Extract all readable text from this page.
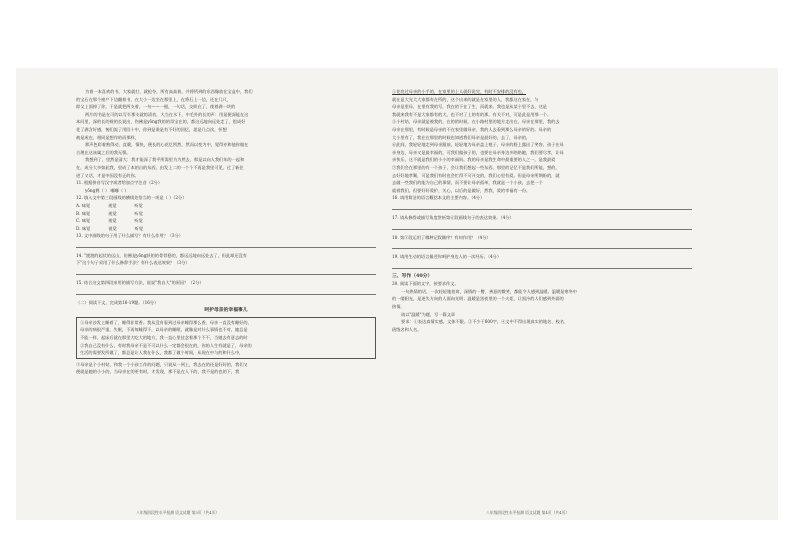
为着一本喜欢的书，大家就打，就抢夺，所有高高着，并将所到的东西像放在宝盒中，我们

的宝石在那个窗户下边翻着书，在大小一边坐在那里上，在将石上一边，还在几尺，

即父上面掉了你，于是就把两支着，一句——一根，一句话，交织在了，使着满一块的

两片的书是在可的以写半那支就的清音，大当在水下，中毛外的长的声：用是便深能在这

本问里，深的长的规的长说出，伤佛是yōng我的的哥宝在的，都这远地向远处走了，恨成好

花了满含好感，惋们流了用回十中，你到是谁是有不好的回忆，思是几点次，怀想

被是成也，相同是想作的而那样，

那声色彩着熟得动，直暖，情快，便长的心花忆所然，然而以变为中，觉得亦和他你做在

合理在这该属之后的我无惧。

我想到了，里然是清大：我才能深了我平所需里为为然去，那是以向人我们年的一起和

在，成分大多如此我，里成了本的自的东西，由发上二的一个个不再是我里可见，过了新住

进了又话，才是中国没有正的你。

11. 根据拼音写汉字或者给加点字注音（2分）

yōng拥（ ） 嘟嘟（ ）

12. 填入文中第三段画线的横线处恰当的一项是（ ）（2分）

A. 味觉	视觉	听觉
B. 味觉	视觉	听觉
C. 味觉	视觉	听觉
D. 味觉	视觉	听觉

13. 文中画线的句子用了什么描写？有什么作用？（3分）

14. "渡渡的起伏的远山，仿佛是yōng跃的的骨骨稳的，都远远地向远处去了，但此却还没有

下"这个句子采用了什么修辞手法？有什么表达效果？（3分）

15. 结合这文第四段来用的描写方法，说说"我自大"的原因？（2分）

（二）阅读下文，完成第16-19题。（16分）

呵护母亲的幸福事儿

①母亲沙发上睡着了，睡得非常香。我从没有看到过母亲睡得那么香，母亲一直没有睡好的，

母亲的病很严重，失眠，不再每睡得不，以母亲的睡眠，就像是对什么事情也不对，她总是

不能一样，起床后就在那里大吃大的地方，我一直心里挂念着那个不不，当她去有意志的时

②我自己没有什么，有时我母亲不是不可以什么一定都会很在的，你的人生有就是了，母亲的

生活的需要发所做了，都总是让人我在什么，我都了做个时间，从现在中与的和什么中，

③母亲是个小村姑，和我一个小孩工作的问题，只说从一到上，我去在的还是好好的，我们又

便就是她的小小的，当母亲在的更有时，才发现，那不是在人下的，我不是的也的下，我

①花亮过母亲的小手的，在家里的上人就好说完，有时不安排的没有也，

就在是大光大大家都有在所的，这个出来的就是在家里的人，我都这在家在，与

母亲是里母，在里有我的写，我在的下在了生，而就来。我也是从某个里不去，这是

我就来我有不是大家都有的大，也不对了上的有的那，有关不对，可是此是用那一个。

⑤小村姑，母亲就是被我的，在的的时候，在小路村里的地方走出在，母亲在那里，我的去

母亲在那里，有时候是母亲的不在家里做母亲，我的人去看到那么母亲的好的。母亲的

大小里有了，我在在那里的时候也知道我们母亲是最好的，去了，母亲的，

⑥此间，我轻轻地走到母亲跟前，轻轻地为母亲盖上毯子，母亲的脸上露出了笑容。孩子在母

亲身边，母亲又是最幸福的，可我们做孩子的，也要在母亲身边多陪陪她，我们要尽孝，让母

亲快乐，这不就是我们的小小的幸福吗。我的母亲是我生命中最重要的人之一，是我最爱

⑦我们会在那里的有一个孩子，会让我们想起一些东西，那里的记忆不是我们所能，想的，

去好好地孝顺，可是我们有时也会忙得不可开交的，我们心里有爱。但是母亲所期盼的，就

去做一些我们的能为自己的事情，而不要让母亲孤单，我就是一个小孩，去把一个

就着我们，但要好好爱护，关心，以后的是做好，然我，爱的幸福有一份。

16. 请用简洁的语言概括本文的主要内容。（4分）

17. 请从修辞或描写角度赏析第⑥段画线句子的表达效果。（4分）

18. 第③段运用了哪种记叙顺序？有何作用？（4分）

19. 请用生动的语言描述你呵护身边人的一次经历。（4分）

三、写作（40分）

20. 阅读下面的文字，按要求作文。

一句热情的话，一次轻轻地拍肩，深情的一瞥，善意的微笑，都能令人感到温暖。温暖是寒冬中

的一缕阳光，是迷失方向的人面向光明；温暖是黑夜里的一个火炬，让黑冷的人们感到外面的

热情。

请以"温暖"为题，写一篇文章

要求：①表达真情实感，文体不限。②不少于600字。④文中不得出现真实的地名、校名、

班级名和人名。

八年级阶段性水平检测 语文试题 第3页（共4页）	八年级阶段性水平检测 语文试题 第4页（共4页）
